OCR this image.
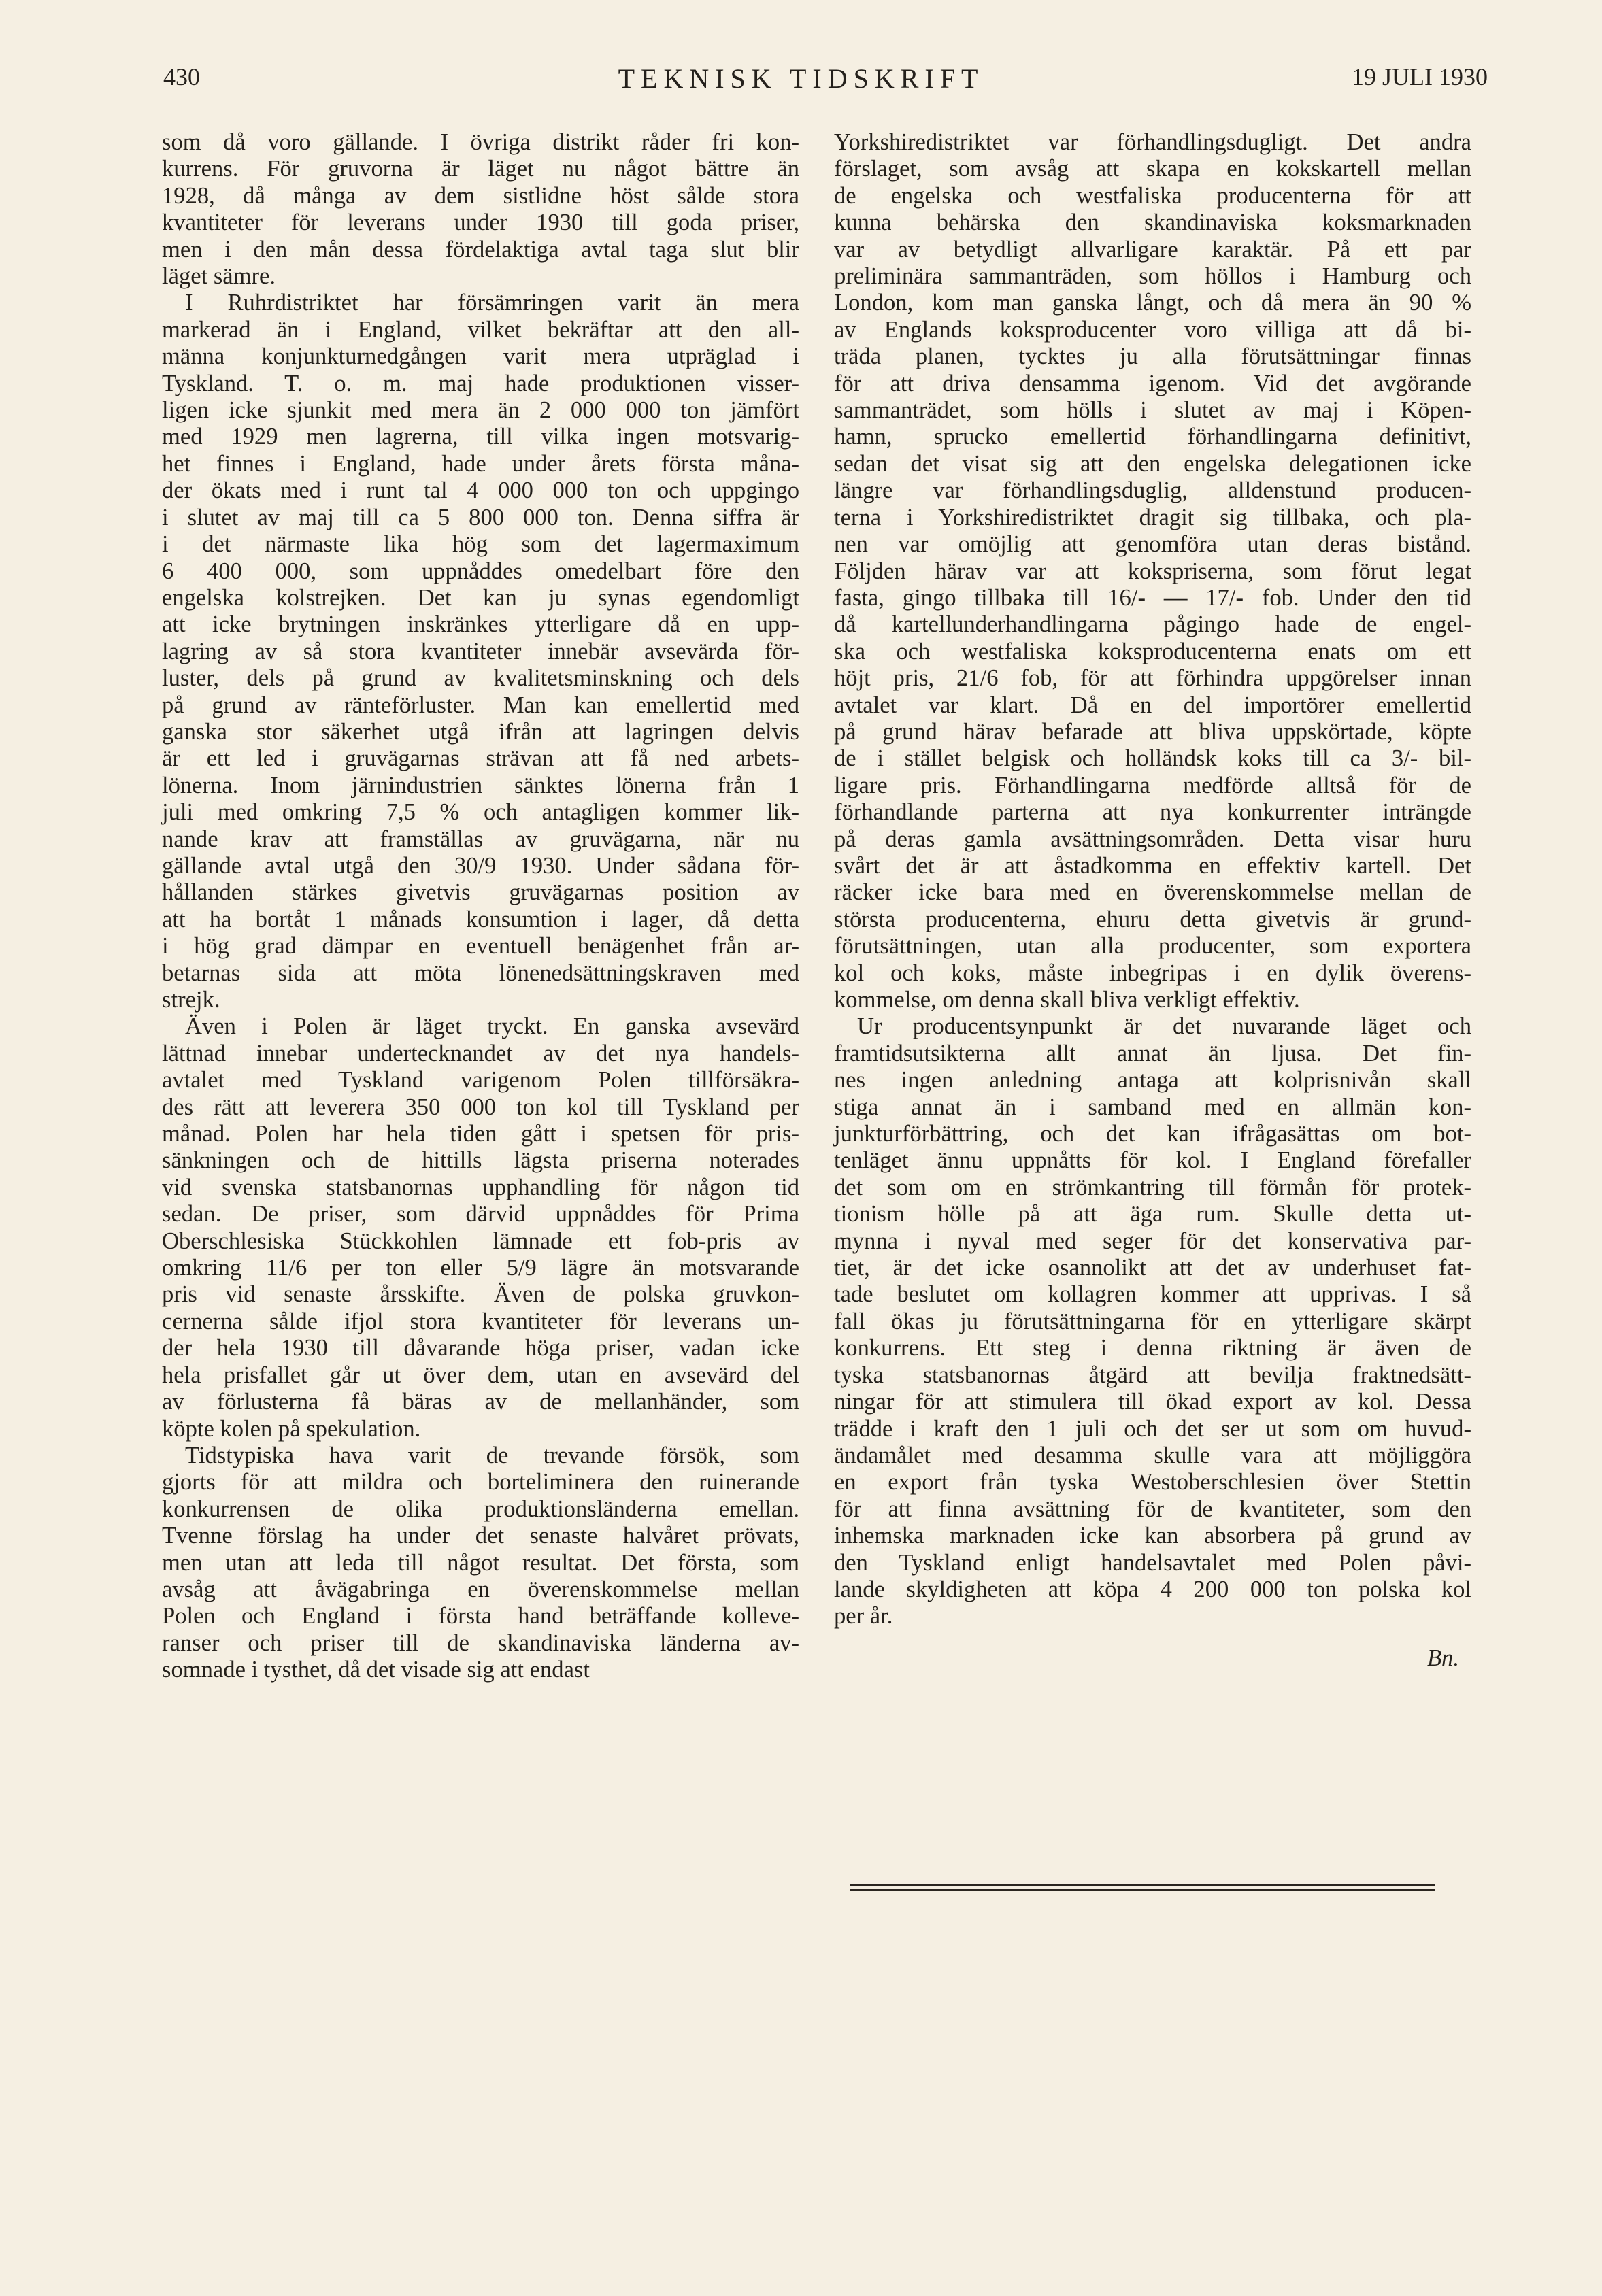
430	TEKNISK TIDSKRIFT	19 JULI 1930

som då voro gällande. I övriga distrikt råder fri kon-

kurrens. För gruvorna är läget nu något bättre än

1928, då många av dem sistlidne höst sålde stora

kvantiteter för leverans under 1930 till goda priser,

men i den mån dessa fördelaktiga avtal taga slut blir

läget sämre.

I Ruhrdistriktet har försämringen varit än mera

markerad än i England, vilket bekräftar att den all-

männa konjunkturnedgången varit mera utpräglad i

Tyskland. T. o. m. maj hade produktionen visser-

ligen icke sjunkit med mera än 2 000 000 ton jämfört

med 1929 men lagrerna, till vilka ingen motsvarig-

het finnes i England, hade under årets första måna-

der ökats med i runt tal 4 000 000 ton och uppgingo

i slutet av maj till ca 5 800 000 ton. Denna siffra är

i det närmaste lika hög som det lagermaximum

6 400 000, som uppnåddes omedelbart före den

engelska kolstrejken. Det kan ju synas egendomligt

att icke brytningen inskränkes ytterligare då en upp-

lagring av så stora kvantiteter innebär avsevärda för-

luster, dels på grund av kvalitetsminskning och dels

på grund av ränteförluster. Man kan emellertid med

ganska stor säkerhet utgå ifrån att lagringen delvis

är ett led i gruvägarnas strävan att få ned arbets-

lönerna. Inom järnindustrien sänktes lönerna från 1

juli med omkring 7,5 % och antagligen kommer lik-

nande krav att framställas av gruvägarna, när nu

gällande avtal utgå den 30/9 1930. Under sådana för-

hållanden stärkes givetvis gruvägarnas position av

att ha bortåt 1 månads konsumtion i lager, då detta

i hög grad dämpar en eventuell benägenhet från ar-

betarnas sida att möta lönenedsättningskraven med

strejk.

Även i Polen är läget tryckt. En ganska avsevärd

lättnad innebar undertecknandet av det nya handels-

avtalet med Tyskland varigenom Polen tillförsäkra-

des rätt att leverera 350 000 ton kol till Tyskland per

månad. Polen har hela tiden gått i spetsen för pris-

sänkningen och de hittills lägsta priserna noterades

vid svenska statsbanornas upphandling för någon tid

sedan. De priser, som därvid uppnåddes för Prima

Oberschlesiska Stückkohlen lämnade ett fob-pris av

omkring 11/6 per ton eller 5/9 lägre än motsvarande

pris vid senaste årsskifte. Även de polska gruvkon-

cernerna sålde ifjol stora kvantiteter för leverans un-

der hela 1930 till dåvarande höga priser, vadan icke

hela prisfallet går ut över dem, utan en avsevärd del

av förlusterna få bäras av de mellanhänder, som

köpte kolen på spekulation.

Tidstypiska hava varit de trevande försök, som

gjorts för att mildra och borteliminera den ruinerande

konkurrensen de olika produktionsländerna emellan.

Tvenne förslag ha under det senaste halvåret prövats,

men utan att leda till något resultat. Det första, som

avsåg att åvägabringa en överenskommelse mellan

Polen och England i första hand beträffande kolleve-

ranser och priser till de skandinaviska länderna av-

somnade i tysthet, då det visade sig att endast

Yorkshiredistriktet var förhandlingsdugligt. Det andra

förslaget, som avsåg att skapa en kokskartell mellan

de engelska och westfaliska producenterna för att

kunna behärska den skandinaviska koksmarknaden

var av betydligt allvarligare karaktär. På ett par

preliminära sammanträden, som höllos i Hamburg och

London, kom man ganska långt, och då mera än 90 %

av Englands koksproducenter voro villiga att då bi-

träda planen, tycktes ju alla förutsättningar finnas

för att driva densamma igenom. Vid det avgörande

sammanträdet, som hölls i slutet av maj i Köpen-

hamn, sprucko emellertid förhandlingarna definitivt,

sedan det visat sig att den engelska delegationen icke

längre var förhandlingsduglig, alldenstund producen-

terna i Yorkshiredistriktet dragit sig tillbaka, och pla-

nen var omöjlig att genomföra utan deras bistånd.

Följden härav var att kokspriserna, som förut legat

fasta, gingo tillbaka till 16/- — 17/- fob. Under den tid

då kartellunderhandlingarna pågingo hade de engel-

ska och westfaliska koksproducenterna enats om ett

höjt pris, 21/6 fob, för att förhindra uppgörelser innan

avtalet var klart. Då en del importörer emellertid

på grund härav befarade att bliva uppskörtade, köpte

de i stället belgisk och holländsk koks till ca 3/- bil-

ligare pris. Förhandlingarna medförde alltså för de

förhandlande parterna att nya konkurrenter inträngde

på deras gamla avsättningsområden. Detta visar huru

svårt det är att åstadkomma en effektiv kartell. Det

räcker icke bara med en överenskommelse mellan de

största producenterna, ehuru detta givetvis är grund-

förutsättningen, utan alla producenter, som exportera

kol och koks, måste inbegripas i en dylik överens-

kommelse, om denna skall bliva verkligt effektiv.

Ur producentsynpunkt är det nuvarande läget och

framtidsutsikterna allt annat än ljusa. Det fin-

nes ingen anledning antaga att kolprisnivån skall

stiga annat än i samband med en allmän kon-

junkturförbättring, och det kan ifrågasättas om bot-

tenläget ännu uppnåtts för kol. I England förefaller

det som om en strömkantring till förmån för protek-

tionism hölle på att äga rum. Skulle detta ut-

mynna i nyval med seger för det konservativa par-

tiet, är det icke osannolikt att det av underhuset fat-

tade beslutet om kollagren kommer att upprivas. I så

fall ökas ju förutsättningarna för en ytterligare skärpt

konkurrens. Ett steg i denna riktning är även de

tyska statsbanornas åtgärd att bevilja fraktnedsätt-

ningar för att stimulera till ökad export av kol. Dessa

trädde i kraft den 1 juli och det ser ut som om huvud-

ändamålet med desamma skulle vara att möjliggöra

en export från tyska Westoberschlesien över Stettin

för att finna avsättning för de kvantiteter, som den

inhemska marknaden icke kan absorbera på grund av

den Tyskland enligt handelsavtalet med Polen påvi-

lande skyldigheten att köpa 4 200 000 ton polska kol

per år.

Bn.
